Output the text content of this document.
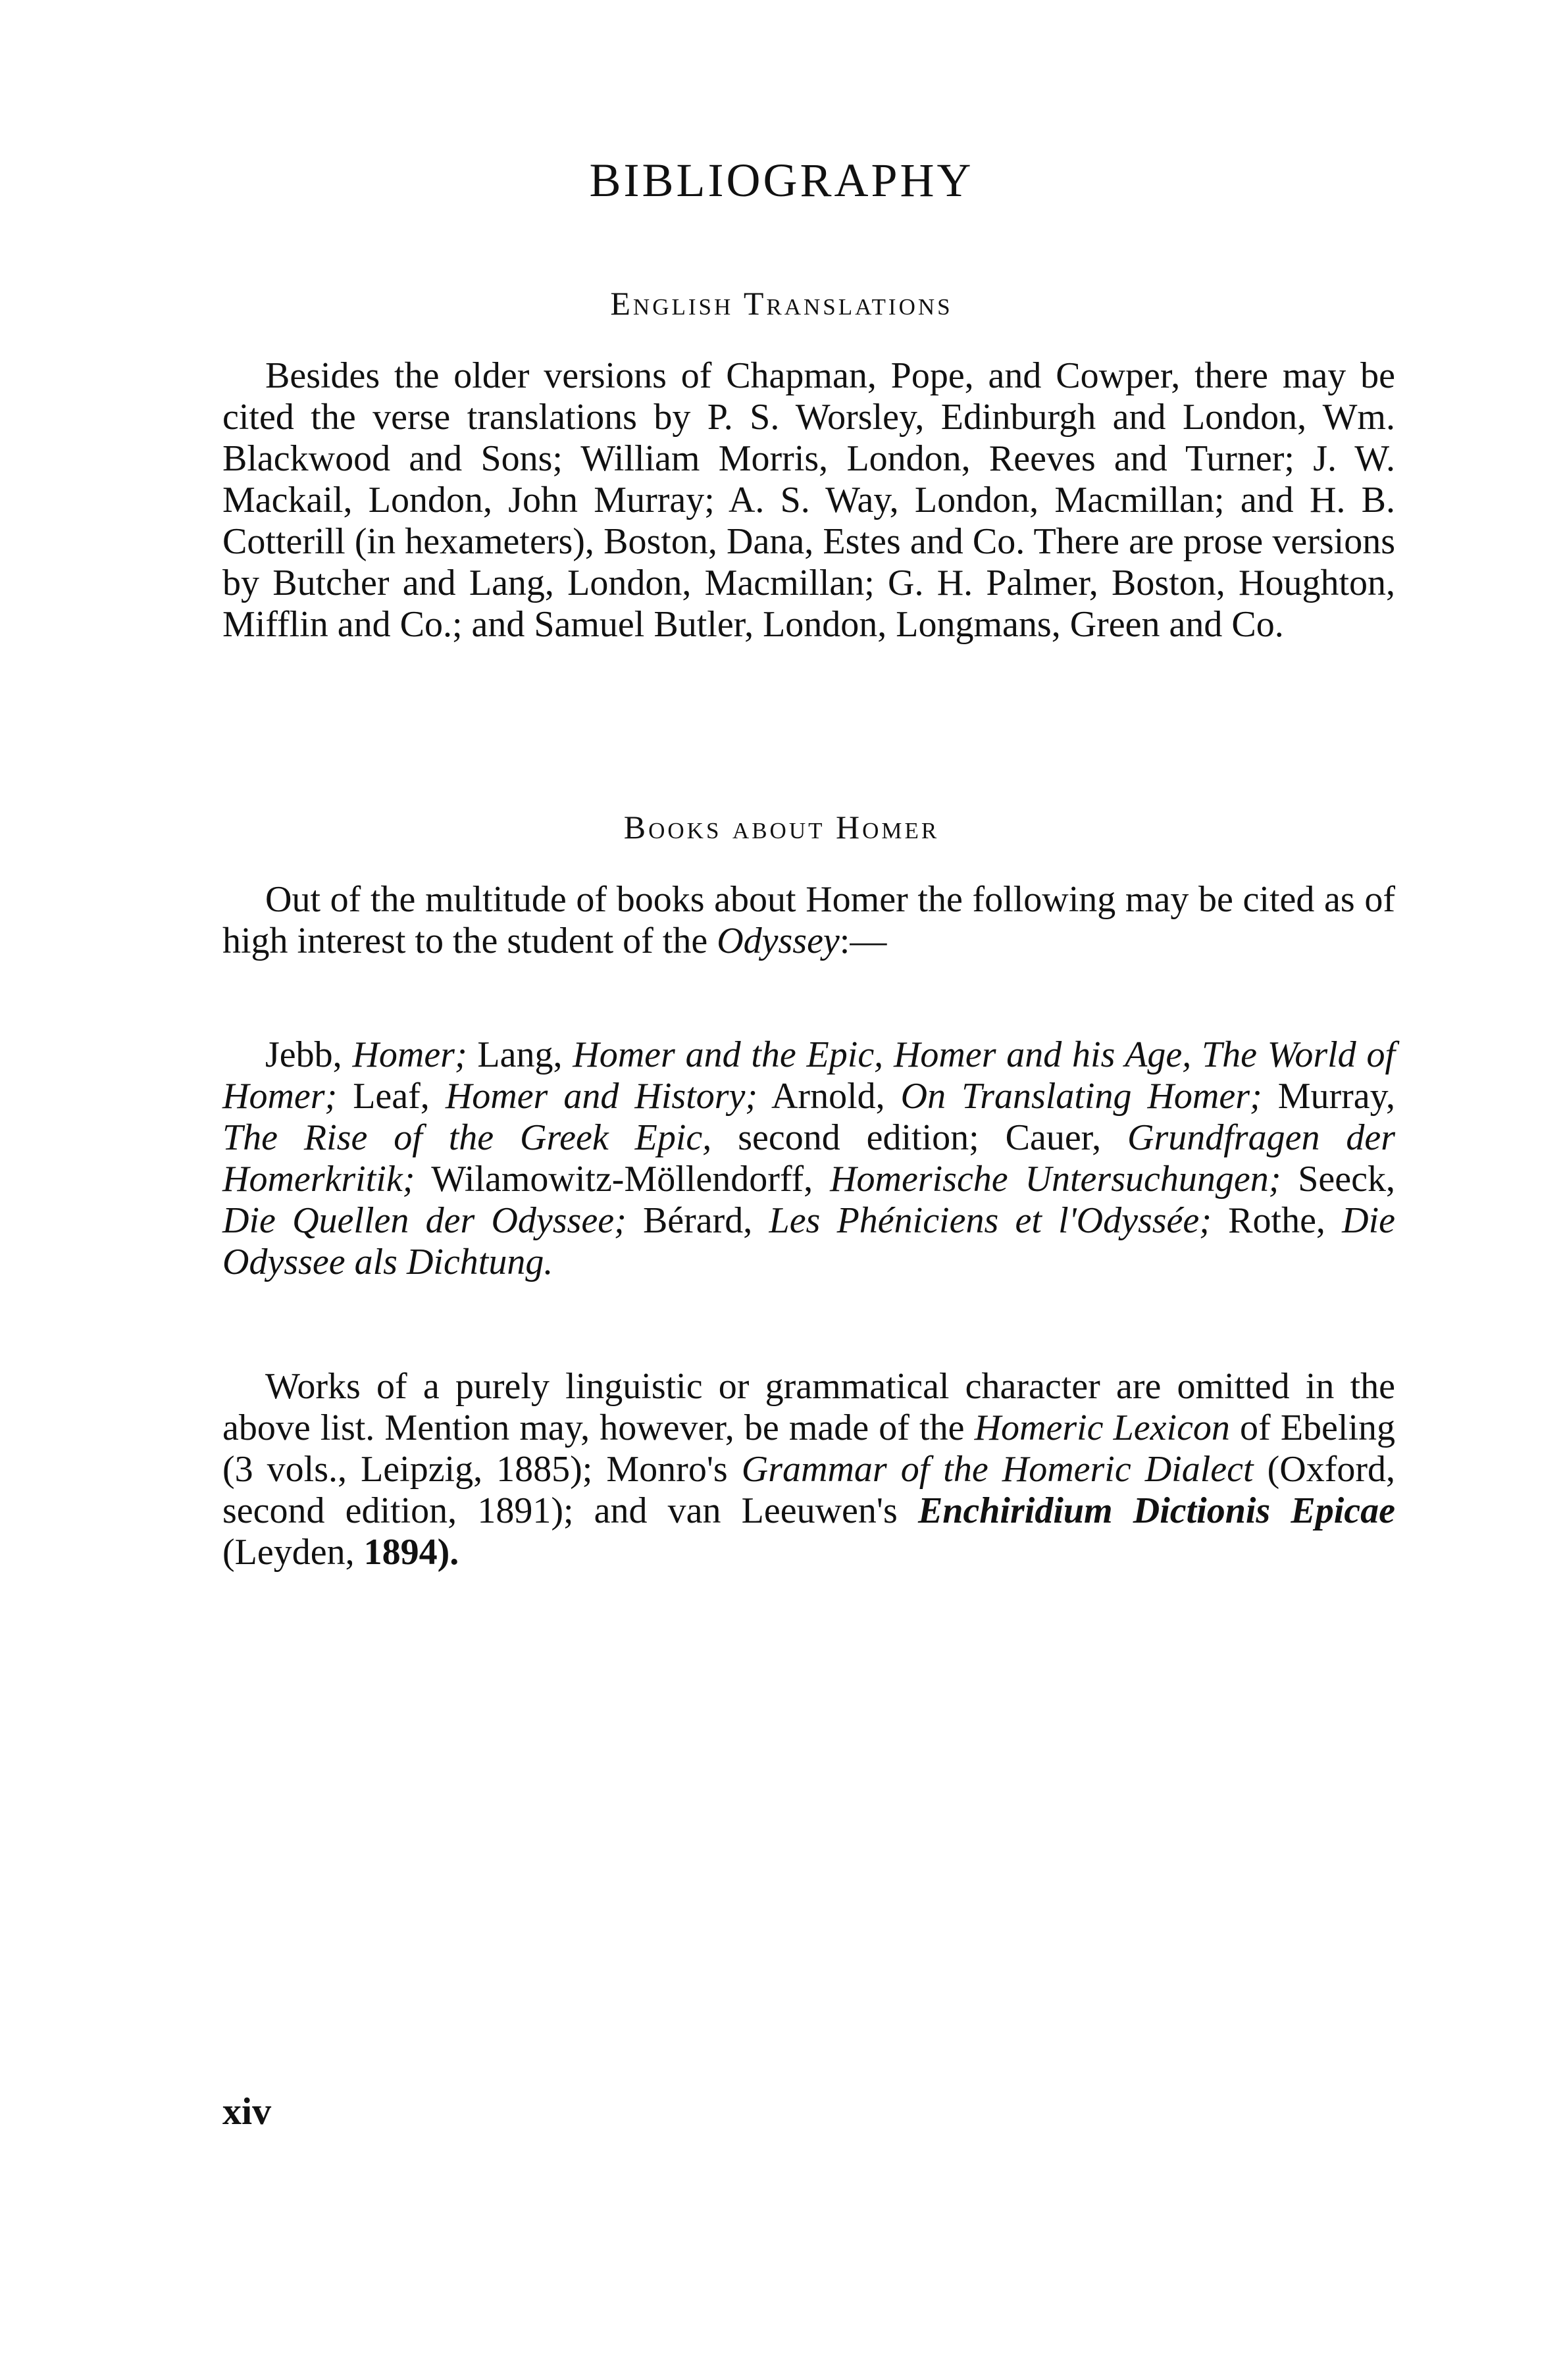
BIBLIOGRAPHY
English Translations

Besides the older versions of Chapman, Pope, and Cowper, there may be cited the verse translations by P. S. Worsley, Edinburgh and London, Wm. Blackwood and Sons; William Morris, London, Reeves and Turner; J. W. Mackail, London, John Murray; A. S. Way, London, Macmillan; and H. B. Cotterill (in hexameters), Boston, Dana, Estes and Co. There are prose versions by Butcher and Lang, London, Macmillan; G. H. Palmer, Boston, Houghton, Mifflin and Co.; and Samuel Butler, London, Longmans, Green and Co.

Books about Homer

Out of the multitude of books about Homer the following may be cited as of high interest to the student of the Odyssey:—

Jebb, Homer; Lang, Homer and the Epic, Homer and his Age, The World of Homer; Leaf, Homer and History; Arnold, On Translating Homer; Murray, The Rise of the Greek Epic, second edition; Cauer, Grundfragen der Homerkritik; Wilamowitz-Möllendorff, Homerische Untersuchungen; Seeck, Die Quellen der Odyssee; Bérard, Les Phéniciens et l'Odyssée; Rothe, Die Odyssee als Dichtung.

Works of a purely linguistic or grammatical character are omitted in the above list. Mention may, however, be made of the Homeric Lexicon of Ebeling (3 vols., Leipzig, 1885); Monro's Grammar of the Homeric Dialect (Oxford, second edition, 1891); and van Leeuwen's Enchiridium Dictionis Epicae (Leyden, 1894).

xiv
